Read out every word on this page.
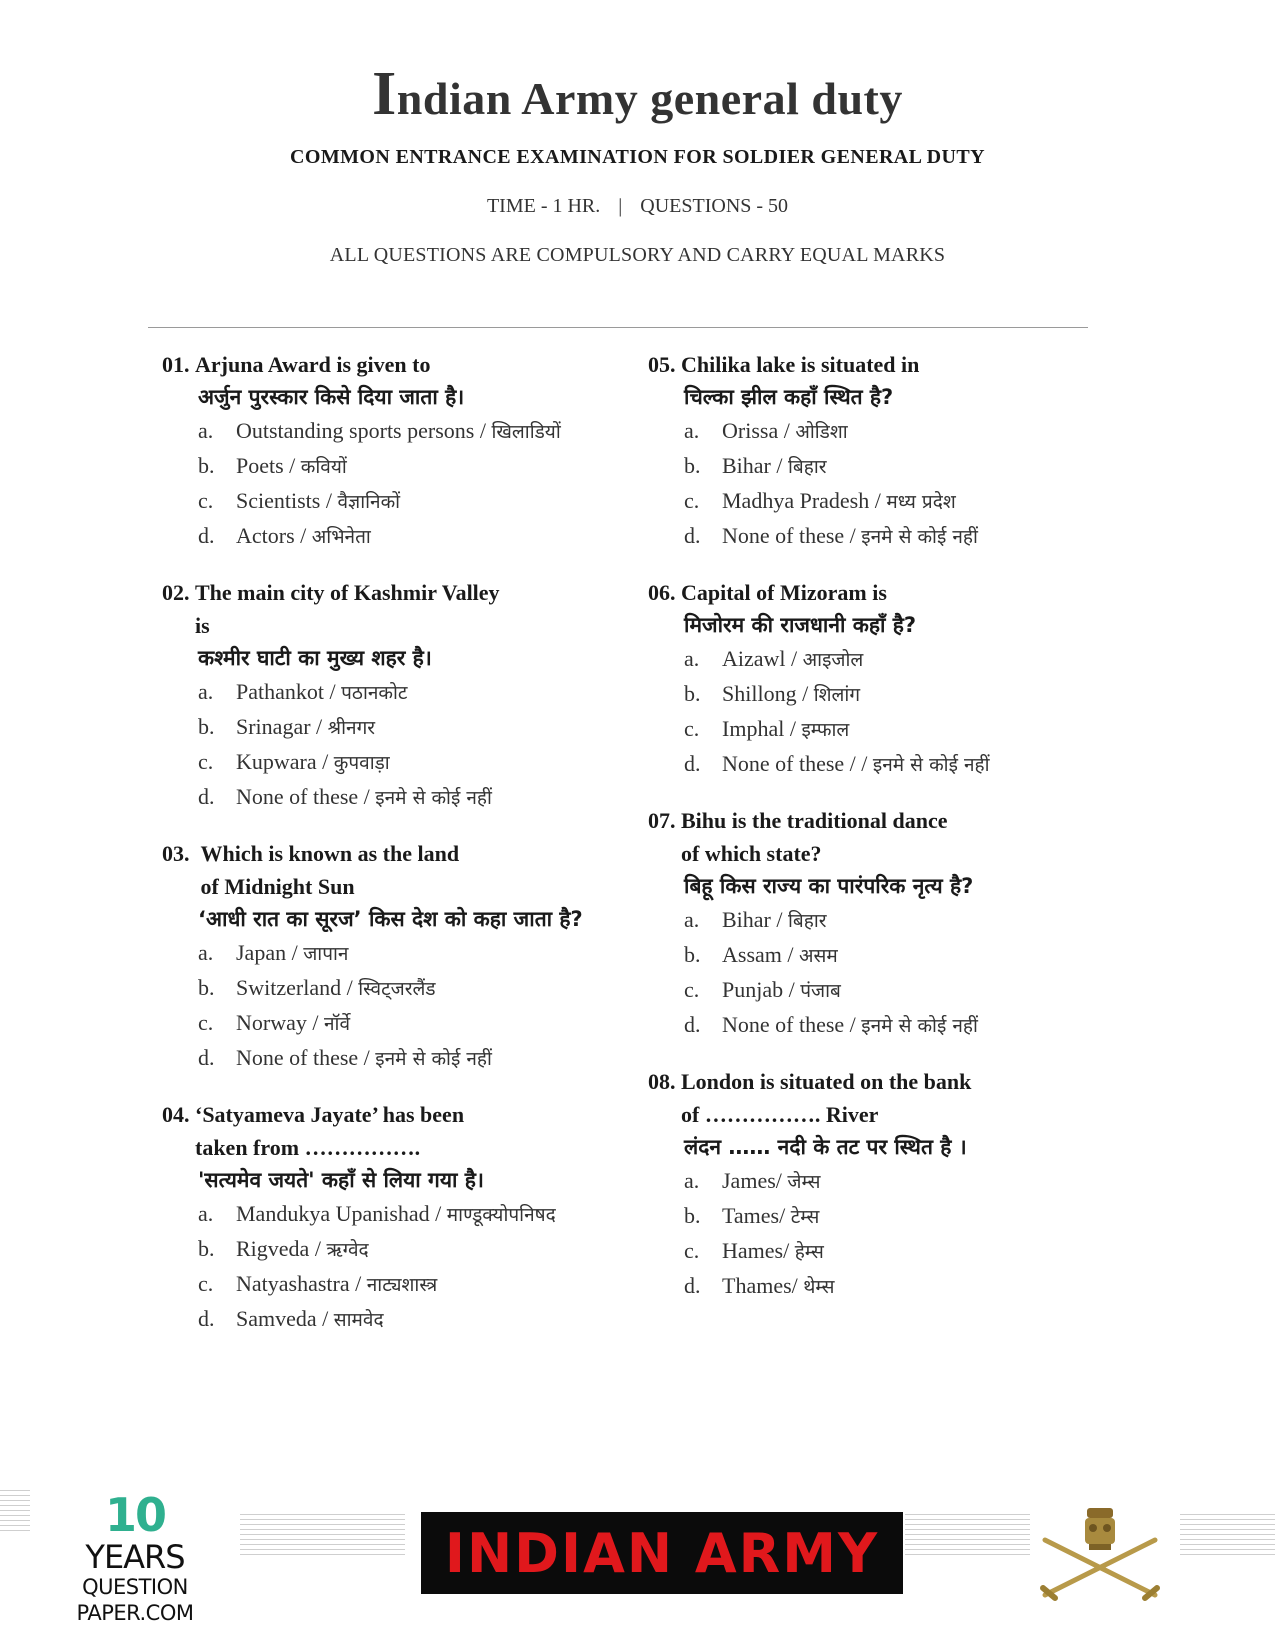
Indian Army general duty
COMMON ENTRANCE EXAMINATION FOR SOLDIER GENERAL DUTY
TIME - 1 HR. | QUESTIONS - 50
ALL QUESTIONS ARE COMPULSORY AND CARRY EQUAL MARKS
01. Arjuna Award is given to
अर्जुन पुरस्कार किसे दिया जाता है।
a.	Outstanding sports persons / खिलाडियों
b. Poets / कवियों
c.	Scientists / वैज्ञानिकों
d. Actors / अभिनेता
02. The main city of Kashmir Valley
is
कश्मीर घाटी का मुख्य शहर है।
a.	Pathankot / पठानकोट
b. Srinagar / श्रीनगर
c.	Kupwara / कुपवाड़ा
d. None of these / इनमे से कोई नहीं
03. Which is known as the land
of Midnight Sun
‘आधी रात का सूरज’ किस देश को कहा जाता है?
a.	Japan / जापान
b. Switzerland / स्विट्जरलैंड
c.	Norway / नॉर्वे
d. None of these / इनमे से कोई नहीं
04. ‘Satyameva Jayate’ has been
taken from …………….
'सत्यमेव जयते' कहाँ से लिया गया है।
a.	Mandukya Upanishad / माण्डूक्योपनिषद
b. Rigveda / ऋग्वेद
c.	Natyashastra / नाट्यशास्त्र
d. Samveda / सामवेद
05. Chilika lake is situated in
चिल्का झील कहाँ स्थित है?
a.	Orissa / ओडिशा
b. Bihar / बिहार
c.	Madhya Pradesh / मध्य प्रदेश
d. None of these / इनमे से कोई नहीं
06. Capital of Mizoram is
मिजोरम की राजधानी कहाँ है?
a.	Aizawl / आइजोल
b. Shillong / शिलांग
c.	Imphal / इम्फाल
d. None of these / / इनमे से कोई नहीं
07. Bihu is the traditional dance
of which state?
बिहू किस राज्य का पारंपरिक नृत्य है?
a.	Bihar / बिहार
b. Assam / असम
c.	Punjab / पंजाब
d. None of these / इनमे से कोई नहीं
08. London is situated on the bank
of ……………. River
लंदन …… नदी के तट पर स्थित है ।
a.	James/ जेम्स
b. Tames/ टेम्स
c.	Hames/ हेम्स
d. Thames/ थेम्स
10
YEARS
QUESTION PAPER.COM
INDIAN ARMY
